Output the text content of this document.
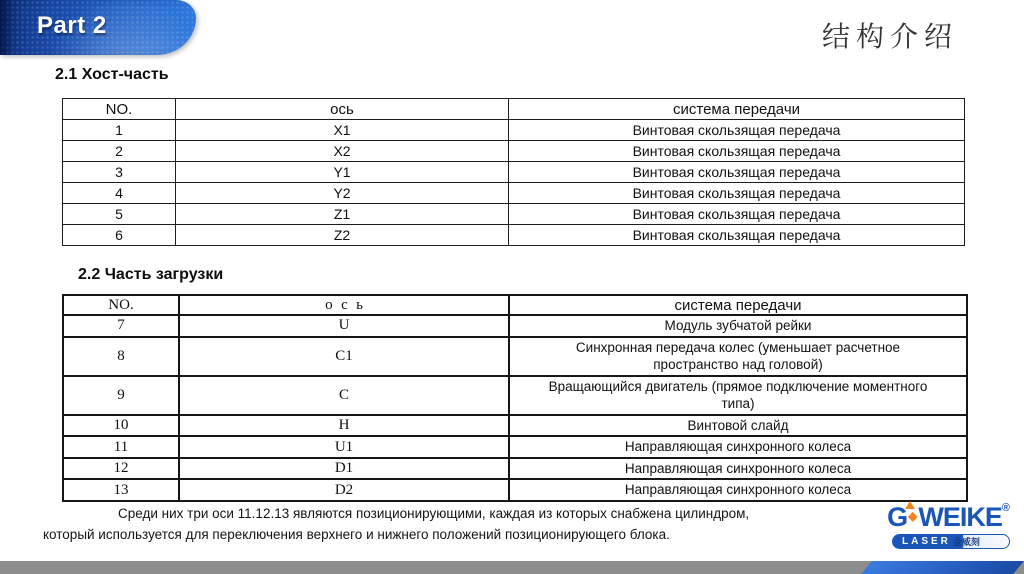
Part 2	结构介绍
2.1 Хост-часть
NO.	ось	система передачи
1	X1	Винтовая скользящая передача
2	X2	Винтовая скользящая передача
3	Y1	Винтовая скользящая передача
4	Y2	Винтовая скользящая передача
5	Z1	Винтовая скользящая передача
6	Z2	Винтовая скользящая передача
2.2 Часть загрузки
NO.	ось	система передачи
7	U	Модуль зубчатой рейки
8	C1	Синхронная передача колес (уменьшает расчетное пространство над головой)
9	C	Вращающийся двигатель (прямое подключение моментного типа)
10	H	Винтовой слайд
11	U1	Направляющая синхронного колеса
12	D1	Направляющая синхронного колеса
13	D2	Направляющая синхронного колеса

Среди них три оси 11.12.13 являются позиционирующими, каждая из которых снабжена цилиндром, который используется для переключения верхнего и нижнего положений позиционирующего блока.

G◆WEIKE®
LASER 金威刻
